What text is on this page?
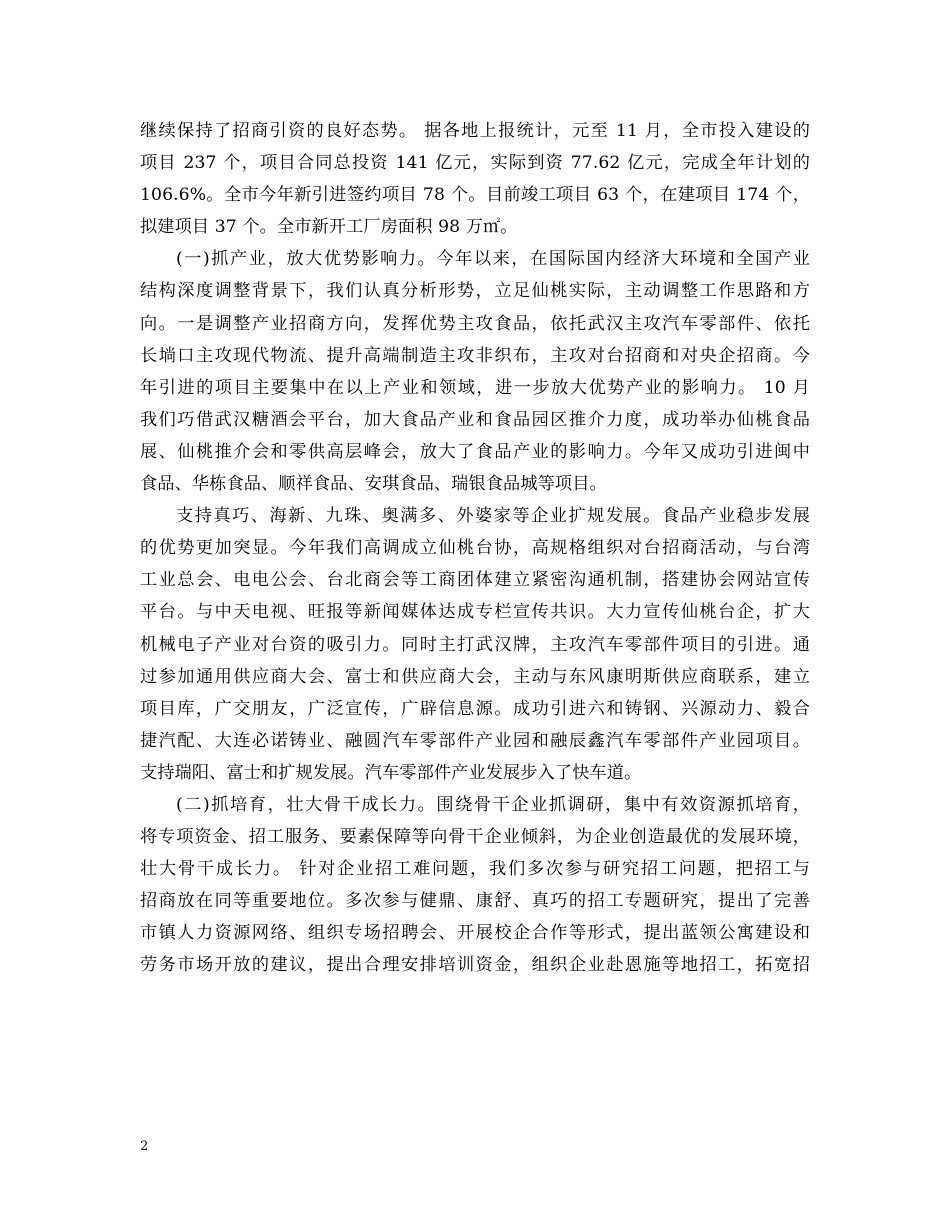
继续保持了招商引资的良好态势。 据各地上报统计，元至 11 月，全市投入建设的
项目 237 个，项目合同总投资 141 亿元，实际到资 77.62 亿元，完成全年计划的
106.6%。全市今年新引进签约项目 78 个。目前竣工项目 63 个，在建项目 174 个，
拟建项目 37 个。全市新开工厂房面积 98 万㎡。
(一)抓产业，放大优势影响力。今年以来，在国际国内经济大环境和全国产业
结构深度调整背景下，我们认真分析形势，立足仙桃实际，主动调整工作思路和方
向。一是调整产业招商方向，发挥优势主攻食品，依托武汉主攻汽车零部件、依托
长埫口主攻现代物流、提升高端制造主攻非织布，主攻对台招商和对央企招商。今
年引进的项目主要集中在以上产业和领域，进一步放大优势产业的影响力。 10 月
我们巧借武汉糖酒会平台，加大食品产业和食品园区推介力度，成功举办仙桃食品
展、仙桃推介会和零供高层峰会，放大了食品产业的影响力。今年又成功引进闽中
食品、华栋食品、顺祥食品、安琪食品、瑞银食品城等项目。
支持真巧、海新、九珠、奥满多、外婆家等企业扩规发展。食品产业稳步发展
的优势更加突显。今年我们高调成立仙桃台协，高规格组织对台招商活动，与台湾
工业总会、电电公会、台北商会等工商团体建立紧密沟通机制，搭建协会网站宣传
平台。与中天电视、旺报等新闻媒体达成专栏宣传共识。大力宣传仙桃台企，扩大
机械电子产业对台资的吸引力。同时主打武汉牌，主攻汽车零部件项目的引进。通
过参加通用供应商大会、富士和供应商大会，主动与东风康明斯供应商联系，建立
项目库，广交朋友，广泛宣传，广辟信息源。成功引进六和铸钢、兴源动力、毅合
捷汽配、大连必诺铸业、融圆汽车零部件产业园和融辰鑫汽车零部件产业园项目。
支持瑞阳、富士和扩规发展。汽车零部件产业发展步入了快车道。
(二)抓培育，壮大骨干成长力。围绕骨干企业抓调研，集中有效资源抓培育，
将专项资金、招工服务、要素保障等向骨干企业倾斜，为企业创造最优的发展环境，
壮大骨干成长力。 针对企业招工难问题，我们多次参与研究招工问题，把招工与
招商放在同等重要地位。多次参与健鼎、康舒、真巧的招工专题研究，提出了完善
市镇人力资源网络、组织专场招聘会、开展校企合作等形式，提出蓝领公寓建设和
劳务市场开放的建议，提出合理安排培训资金，组织企业赴恩施等地招工，拓宽招
2
